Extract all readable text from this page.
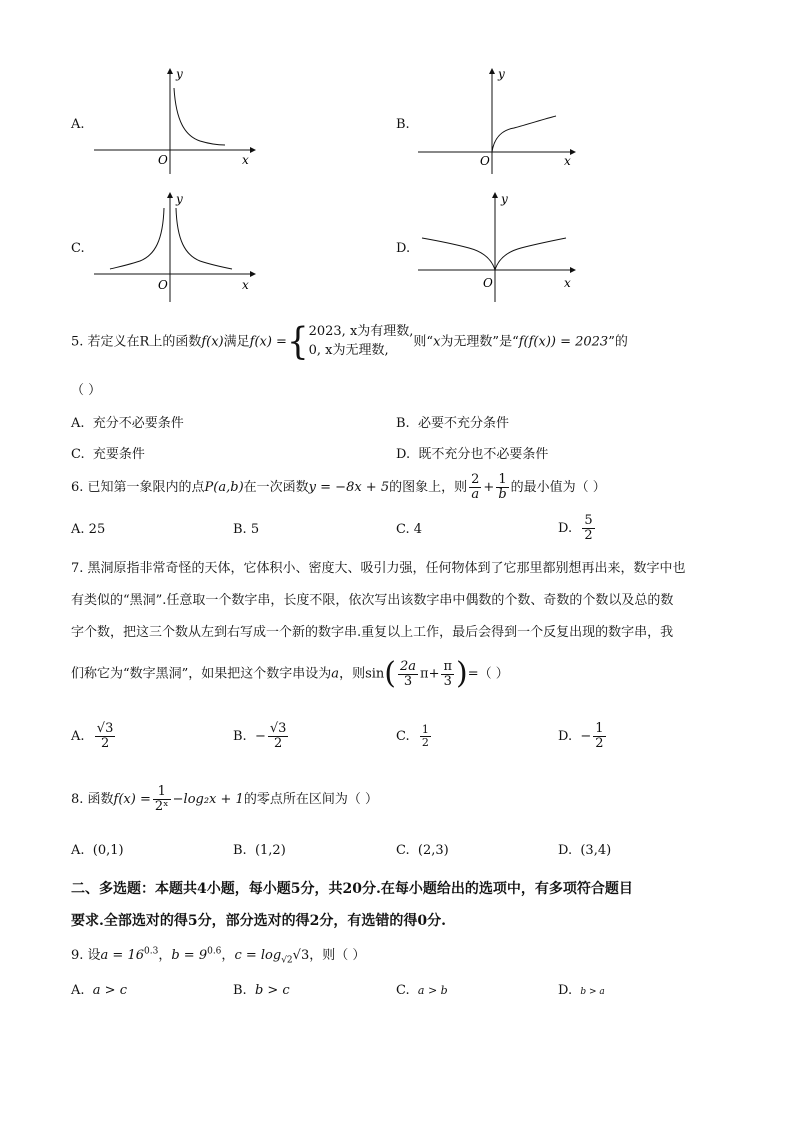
A.
y
x
O
B.
y
x
O
C.
y
x
O
D.
y
x
O
5. 若定义在R上的函数f(x)满足f(x) ={ 2023, x为有理数,
0, x为无理数,
则“x为无理数”是“f(f(x)) = 2023”的
（ ）
A. 充分不必要条件	B. 必要不充分条件
C. 充要条件	D. 既不充分也不必要条件
6. 已知第一象限内的点P(a,b)在一次函数y = −8x + 5的图象上，则 $\frac{2}{a} + \frac{1}{b}$ 的最小值为（ ）
A. 25	B. 5	C. 4	D. $\frac{5}{2}$
7. 黑洞原指非常奇怪的天体，它体积小、密度大、吸引力强，任何物体到了它那里都别想再出来，数字中也
有类似的“黑洞”.任意取一个数字串，长度不限，依次写出该数字串中偶数的个数、奇数的个数以及总的数
字个数，把这三个数从左到右写成一个新的数字串.重复以上工作，最后会得到一个反复出现的数字串，我
们称它为“数字黑洞”，如果把这个数字串设为a，则$\sin( \frac{2a}{3} \pi+ \frac{\pi}{3}$ )=（ ）
A. $\frac{√3}{2}$	B. − $\frac{√3}{2}$	C. $\frac{1}{2}$	D. − $\frac{1}{2}$
8. 函数$f(x) = \frac{1}{\text{2ˣ}} -\log_2x + 1$的零点所在区间为（ ）
A. (0,1)	B. (1,2)	C. (2,3)	D. (3,4)
二、多选题：本题共4小题，每小题5分，共20分.在每小题给出的选项中，有多项符合题目
要求.全部选对的得5分，部分选对的得2分，有选错的得0分.
9. 设$a = 16^{0.3}$，$b = 9^{0.6}$，$c = \log_{√2}√3$，则（ ）
A. a > c	B. b > c	C. a > b	D. b > a
